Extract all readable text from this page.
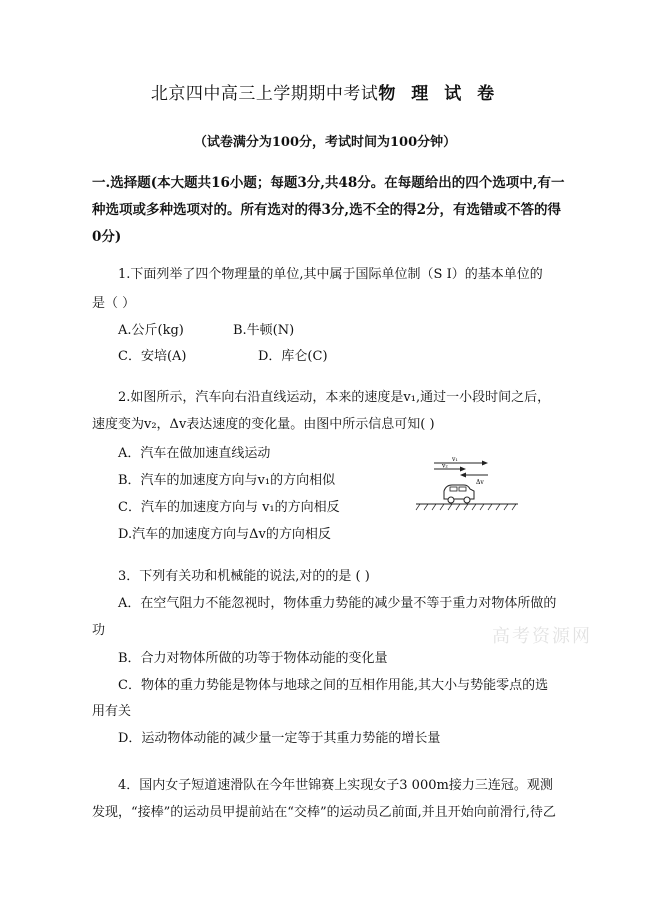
北京四中高三上学期期中考试物 理 试 卷
（试卷满分为100分，考试时间为100分钟）
一.选择题(本大题共16小题；每题3分,共48分。在每题给出的四个选项中,有一种选项或多种选项对的。所有选对的得3分,选不全的得2分，有选错或不答的得0分)
1.下面列举了四个物理量的单位,其中属于国际单位制（S I）的基本单位的
是（ ）
A.公斤(kg)	B.牛顿(N)
C．安培(A)	D．库仑(C)
2.如图所示，汽车向右沿直线运动，本来的速度是v₁,通过一小段时间之后，
速度变为v₂，Δv表达速度的变化量。由图中所示信息可知( )
A．汽车在做加速直线运动
B．汽车的加速度方向与v₁的方向相似
C．汽车的加速度方向与 v₁的方向相反
D.汽车的加速度方向与Δv的方向相反
v₁
v₂
Δv
3．下列有关功和机械能的说法,对的的是 ( )
A．在空气阻力不能忽视时，物体重力势能的减少量不等于重力对物体所做的
功	高考资源网
B．合力对物体所做的功等于物体动能的变化量
C．物体的重力势能是物体与地球之间的互相作用能,其大小与势能零点的选
用有关
D．运动物体动能的减少量一定等于其重力势能的增长量
4．国内女子短道速滑队在今年世锦赛上实现女子3 000m接力三连冠。观测
发现，“接棒”的运动员甲提前站在“交棒”的运动员乙前面,并且开始向前滑行,待乙
